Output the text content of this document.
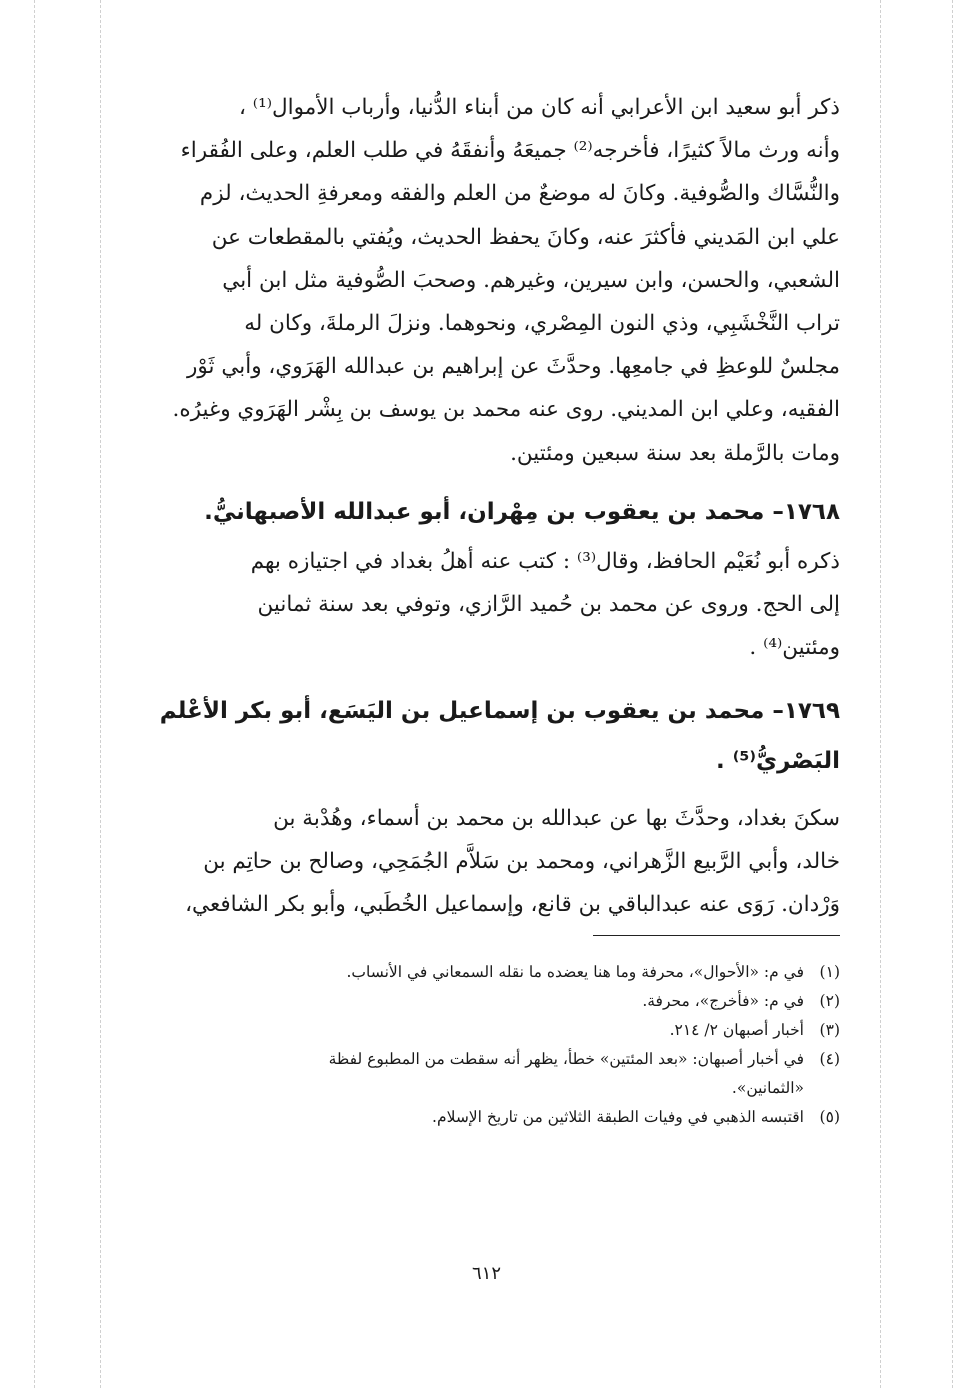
ذكر أبو سعيد ابن الأعرابي أنه كان من أبناء الدُّنيا، وأرباب الأموال⁽¹⁾ ،
وأنه ورث مالاً كثيرًا، فأخرجه⁽²⁾ جميعَهُ وأنفقَهُ في طلب العلم، وعلى الفُقراء
والنُّسَّاك والصُّوفية. وكانَ له موضعٌ من العلم والفقه ومعرفةِ الحديث، لزم
علي ابن المَديني فأكثرَ عنه، وكانَ يحفظ الحديث، ويُفتي بالمقطعات عن
الشعبي، والحسن، وابن سيرين، وغيرهم. وصحبَ الصُّوفية مثل ابن أبي
تراب النَّخْشَبِي، وذي النون المِصْري، ونحوهما. ونزلَ الرملةَ، وكان له
مجلسٌ للوعظِ في جامعِها. وحدَّثَ عن إبراهيم بن عبدالله الهَرَوي، وأبي ثَوْر
الفقيه، وعلي ابن المديني. روى عنه محمد بن يوسف بن بِشْر الهَرَوي وغيرُه.
ومات بالرَّملة بعد سنة سبعين ومئتين.
١٧٦٨– محمد بن يعقوب بن مِهْران، أبو عبدالله الأصبهانيُّ.
ذكره أبو نُعَيْم الحافظ، وقال⁽³⁾ : كتب عنه أهلُ بغداد في اجتيازه بهم
إلى الحج. وروى عن محمد بن حُميد الرَّازي، وتوفي بعد سنة ثمانين
ومئتين⁽⁴⁾ .
١٧٦٩– محمد بن يعقوب بن إسماعيل بن اليَسَع، أبو بكر الأعْلم
البَصْريُّ⁽⁵⁾ .
سكنَ بغداد، وحدَّثَ بها عن عبدالله بن محمد بن أسماء، وهُدْبة بن
خالد، وأبي الرَّبيع الزَّهراني، ومحمد بن سَلاَّم الجُمَحِي، وصالح بن حاتِم بن
وَرْدان. رَوَى عنه عبدالباقي بن قانع، وإسماعيل الخُطَبي، وأبو بكر الشافعي،
(١)
في م: «الأحوال»، محرفة وما هنا يعضده ما نقله السمعاني في الأنساب.
(٢)
في م: «فأخرج»، محرفة.
(٣)
أخبار أصبهان ٢/ ٢١٤.
(٤)
في أخبار أصبهان: «بعد المئتين» خطأ، يظهر أنه سقطت من المطبوع لفظة
«الثمانين».
(٥)
اقتبسه الذهبي في وفيات الطبقة الثلاثين من تاريخ الإسلام.
٦١٢
